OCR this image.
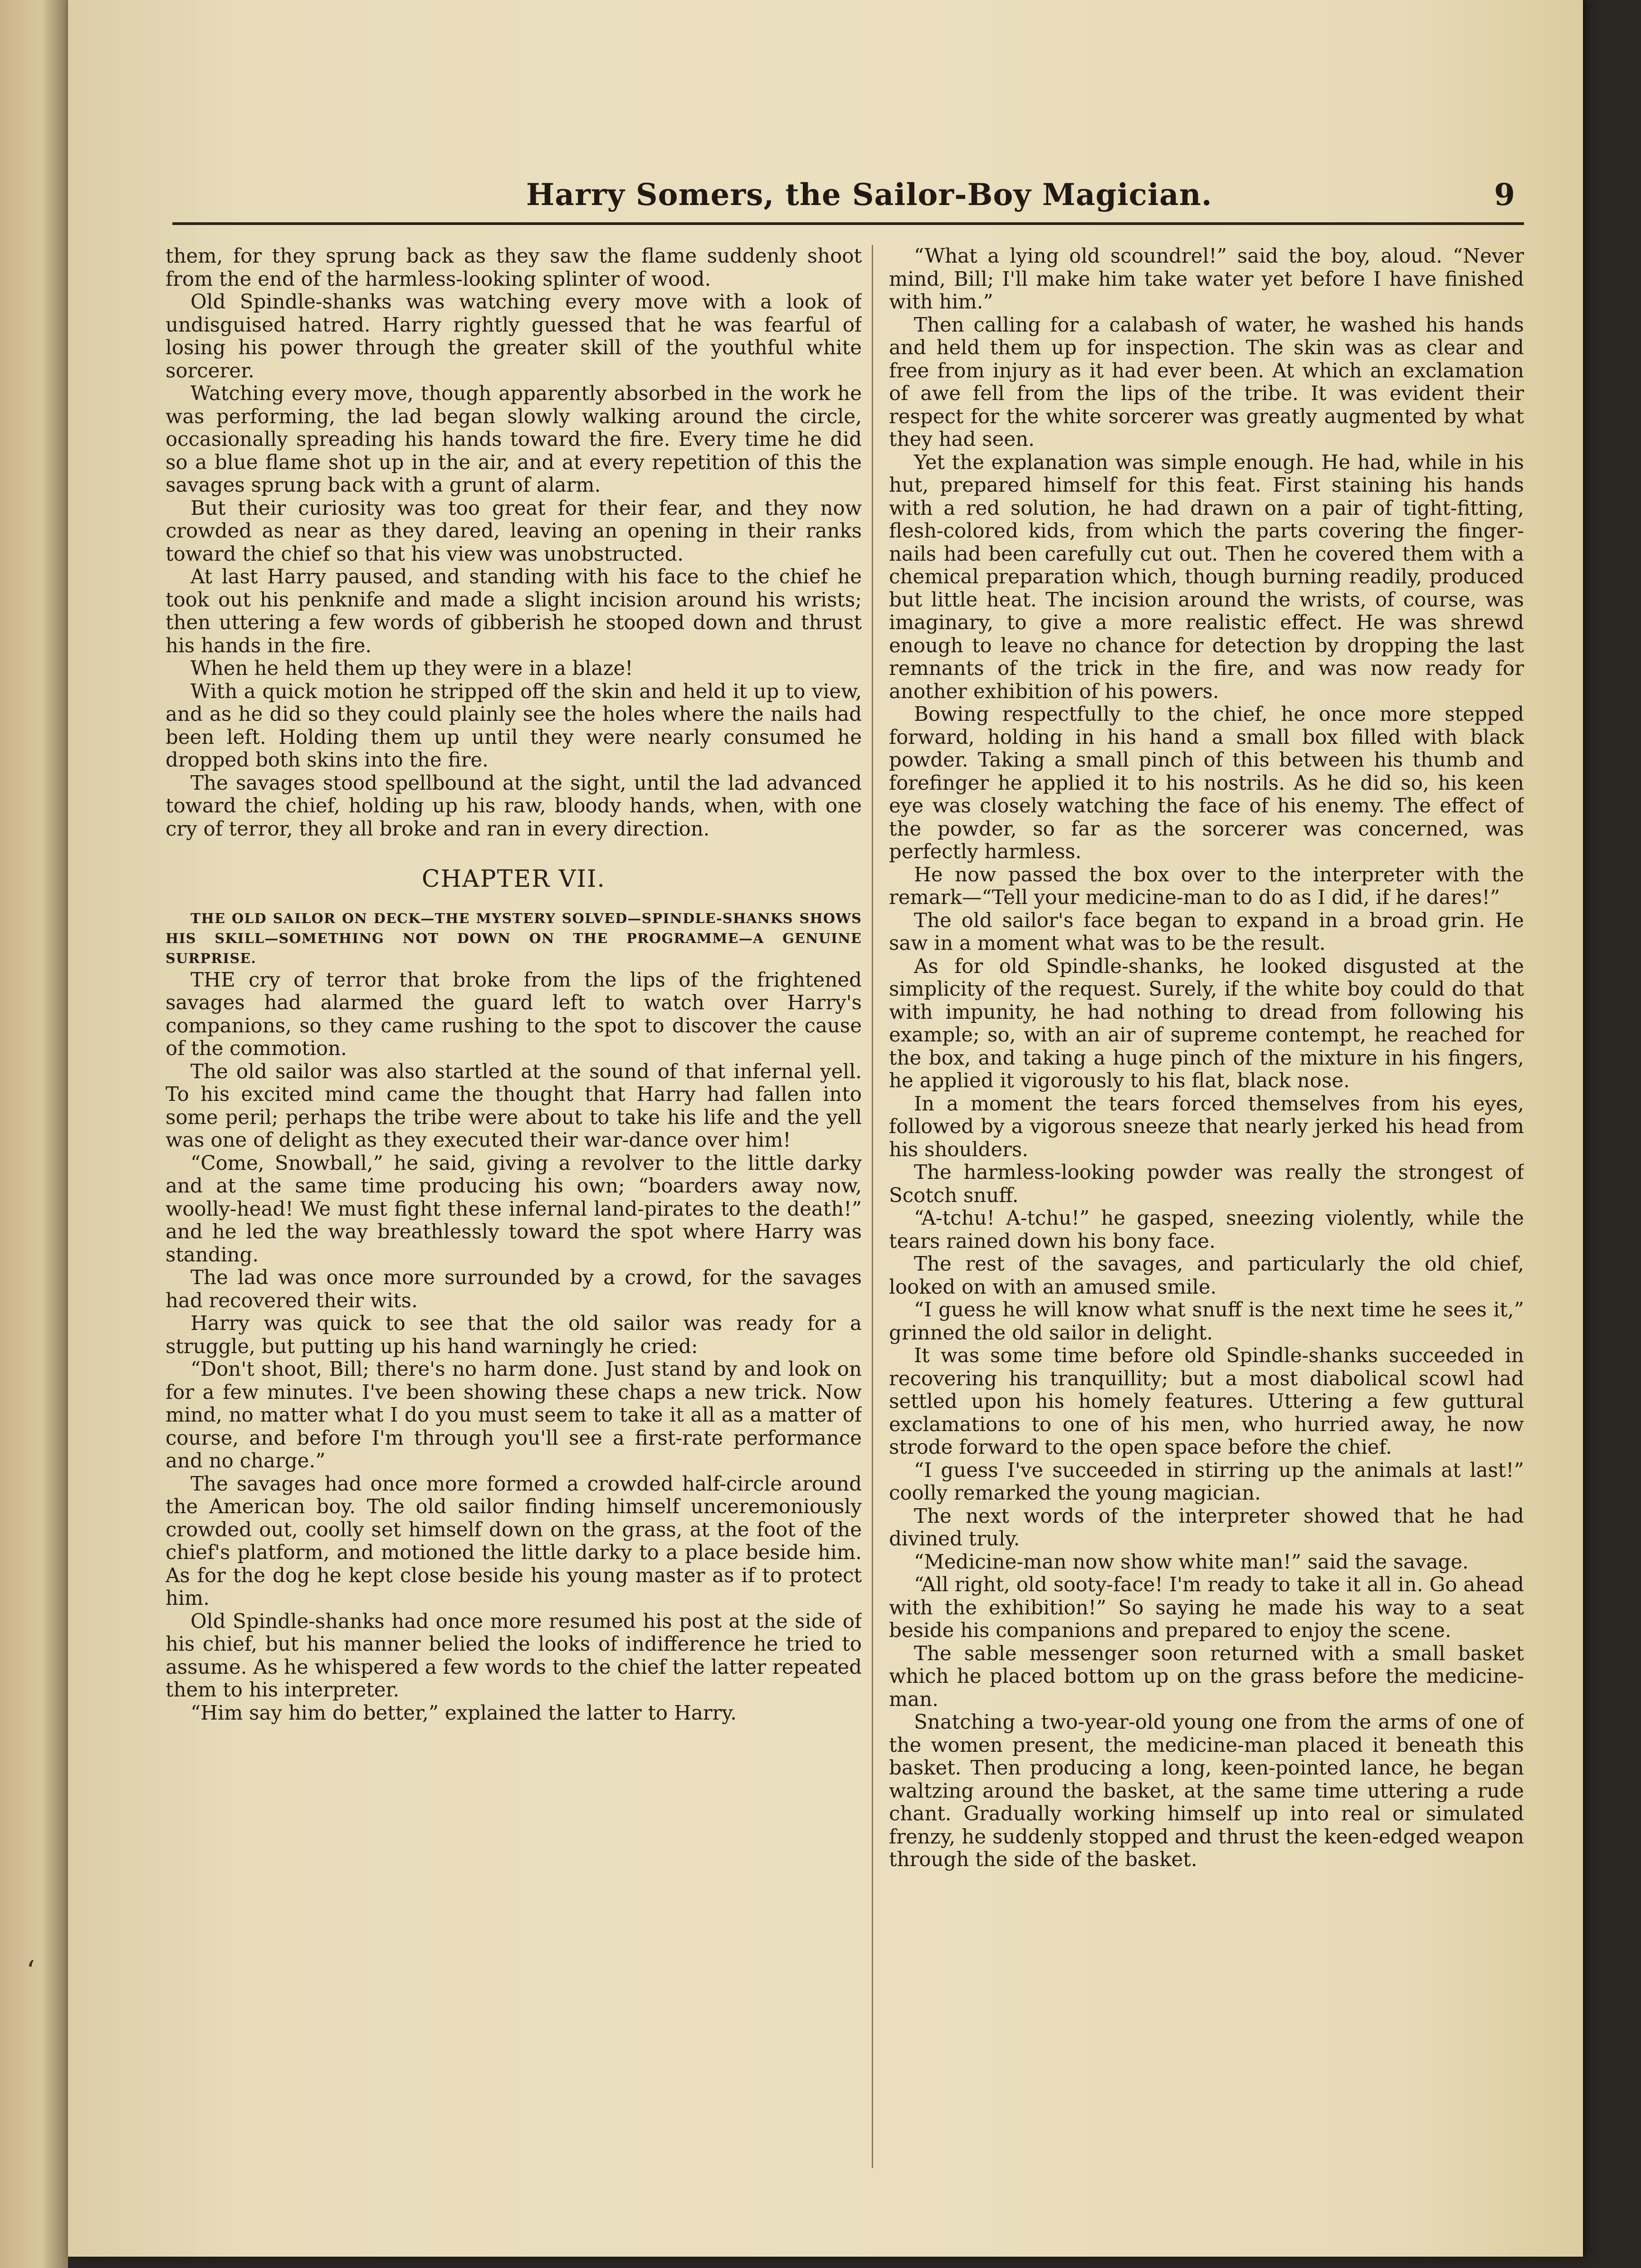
‘
Harry Somers, the Sailor-Boy Magician.	9

them, for they sprung back as they saw the flame suddenly shoot from the end of the harmless-looking splinter of wood.

Old Spindle-shanks was watching every move with a look of undisguised hatred. Harry rightly guessed that he was fearful of losing his power through the greater skill of the youthful white sorcerer.

Watching every move, though apparently absorbed in the work he was performing, the lad began slowly walking around the circle, occasionally spreading his hands toward the fire. Every time he did so a blue flame shot up in the air, and at every repetition of this the savages sprung back with a grunt of alarm.

But their curiosity was too great for their fear, and they now crowded as near as they dared, leaving an opening in their ranks toward the chief so that his view was unobstructed.

At last Harry paused, and standing with his face to the chief he took out his penknife and made a slight incision around his wrists; then uttering a few words of gibberish he stooped down and thrust his hands in the fire.

When he held them up they were in a blaze!

With a quick motion he stripped off the skin and held it up to view, and as he did so they could plainly see the holes where the nails had been left. Holding them up until they were nearly consumed he dropped both skins into the fire.

The savages stood spellbound at the sight, until the lad advanced toward the chief, holding up his raw, bloody hands, when, with one cry of terror, they all broke and ran in every direction.

CHAPTER VII.

THE OLD SAILOR ON DECK—THE MYSTERY SOLVED—SPINDLE-SHANKS SHOWS HIS SKILL—SOMETHING NOT DOWN ON THE PROGRAMME—A GENUINE SURPRISE.

THE cry of terror that broke from the lips of the frightened savages had alarmed the guard left to watch over Harry's companions, so they came rushing to the spot to discover the cause of the commotion.

The old sailor was also startled at the sound of that infernal yell. To his excited mind came the thought that Harry had fallen into some peril; perhaps the tribe were about to take his life and the yell was one of delight as they executed their war-dance over him!

“Come, Snowball,” he said, giving a revolver to the little darky and at the same time producing his own; “boarders away now, woolly-head! We must fight these infernal land-pirates to the death!” and he led the way breathlessly toward the spot where Harry was standing.

The lad was once more surrounded by a crowd, for the savages had recovered their wits.

Harry was quick to see that the old sailor was ready for a struggle, but putting up his hand warningly he cried:

“Don't shoot, Bill; there's no harm done. Just stand by and look on for a few minutes. I've been showing these chaps a new trick. Now mind, no matter what I do you must seem to take it all as a matter of course, and before I'm through you'll see a first-rate performance and no charge.”

The savages had once more formed a crowded half-circle around the American boy. The old sailor finding himself unceremoniously crowded out, coolly set himself down on the grass, at the foot of the chief's platform, and motioned the little darky to a place beside him. As for the dog he kept close beside his young master as if to protect him.

Old Spindle-shanks had once more resumed his post at the side of his chief, but his manner belied the looks of indifference he tried to assume. As he whispered a few words to the chief the latter repeated them to his interpreter.

“Him say him do better,” explained the latter to Harry.

“What a lying old scoundrel!” said the boy, aloud. “Never mind, Bill; I'll make him take water yet before I have finished with him.”

Then calling for a calabash of water, he washed his hands and held them up for inspection. The skin was as clear and free from injury as it had ever been. At which an exclamation of awe fell from the lips of the tribe. It was evident their respect for the white sorcerer was greatly augmented by what they had seen.

Yet the explanation was simple enough. He had, while in his hut, prepared himself for this feat. First staining his hands with a red solution, he had drawn on a pair of tight-fitting, flesh-colored kids, from which the parts covering the finger-nails had been carefully cut out. Then he covered them with a chemical preparation which, though burning readily, produced but little heat. The incision around the wrists, of course, was imaginary, to give a more realistic effect. He was shrewd enough to leave no chance for detection by dropping the last remnants of the trick in the fire, and was now ready for another exhibition of his powers.

Bowing respectfully to the chief, he once more stepped forward, holding in his hand a small box filled with black powder. Taking a small pinch of this between his thumb and forefinger he applied it to his nostrils. As he did so, his keen eye was closely watching the face of his enemy. The effect of the powder, so far as the sorcerer was concerned, was perfectly harmless.

He now passed the box over to the interpreter with the remark—“Tell your medicine-man to do as I did, if he dares!”

The old sailor's face began to expand in a broad grin. He saw in a moment what was to be the result.

As for old Spindle-shanks, he looked disgusted at the simplicity of the request. Surely, if the white boy could do that with impunity, he had nothing to dread from following his example; so, with an air of supreme contempt, he reached for the box, and taking a huge pinch of the mixture in his fingers, he applied it vigorously to his flat, black nose.

In a moment the tears forced themselves from his eyes, followed by a vigorous sneeze that nearly jerked his head from his shoulders.

The harmless-looking powder was really the strongest of Scotch snuff.

“A-tchu! A-tchu!” he gasped, sneezing violently, while the tears rained down his bony face.

The rest of the savages, and particularly the old chief, looked on with an amused smile.

“I guess he will know what snuff is the next time he sees it,” grinned the old sailor in delight.

It was some time before old Spindle-shanks succeeded in recovering his tranquillity; but a most diabolical scowl had settled upon his homely features. Uttering a few guttural exclamations to one of his men, who hurried away, he now strode forward to the open space before the chief.

“I guess I've succeeded in stirring up the animals at last!” coolly remarked the young magician.

The next words of the interpreter showed that he had divined truly.

“Medicine-man now show white man!” said the savage.

“All right, old sooty-face! I'm ready to take it all in. Go ahead with the exhibition!” So saying he made his way to a seat beside his companions and prepared to enjoy the scene.

The sable messenger soon returned with a small basket which he placed bottom up on the grass before the medicine-man.

Snatching a two-year-old young one from the arms of one of the women present, the medicine-man placed it beneath this basket. Then producing a long, keen-pointed lance, he began waltzing around the basket, at the same time uttering a rude chant. Gradually working himself up into real or simulated frenzy, he suddenly stopped and thrust the keen-edged weapon through the side of the basket.
